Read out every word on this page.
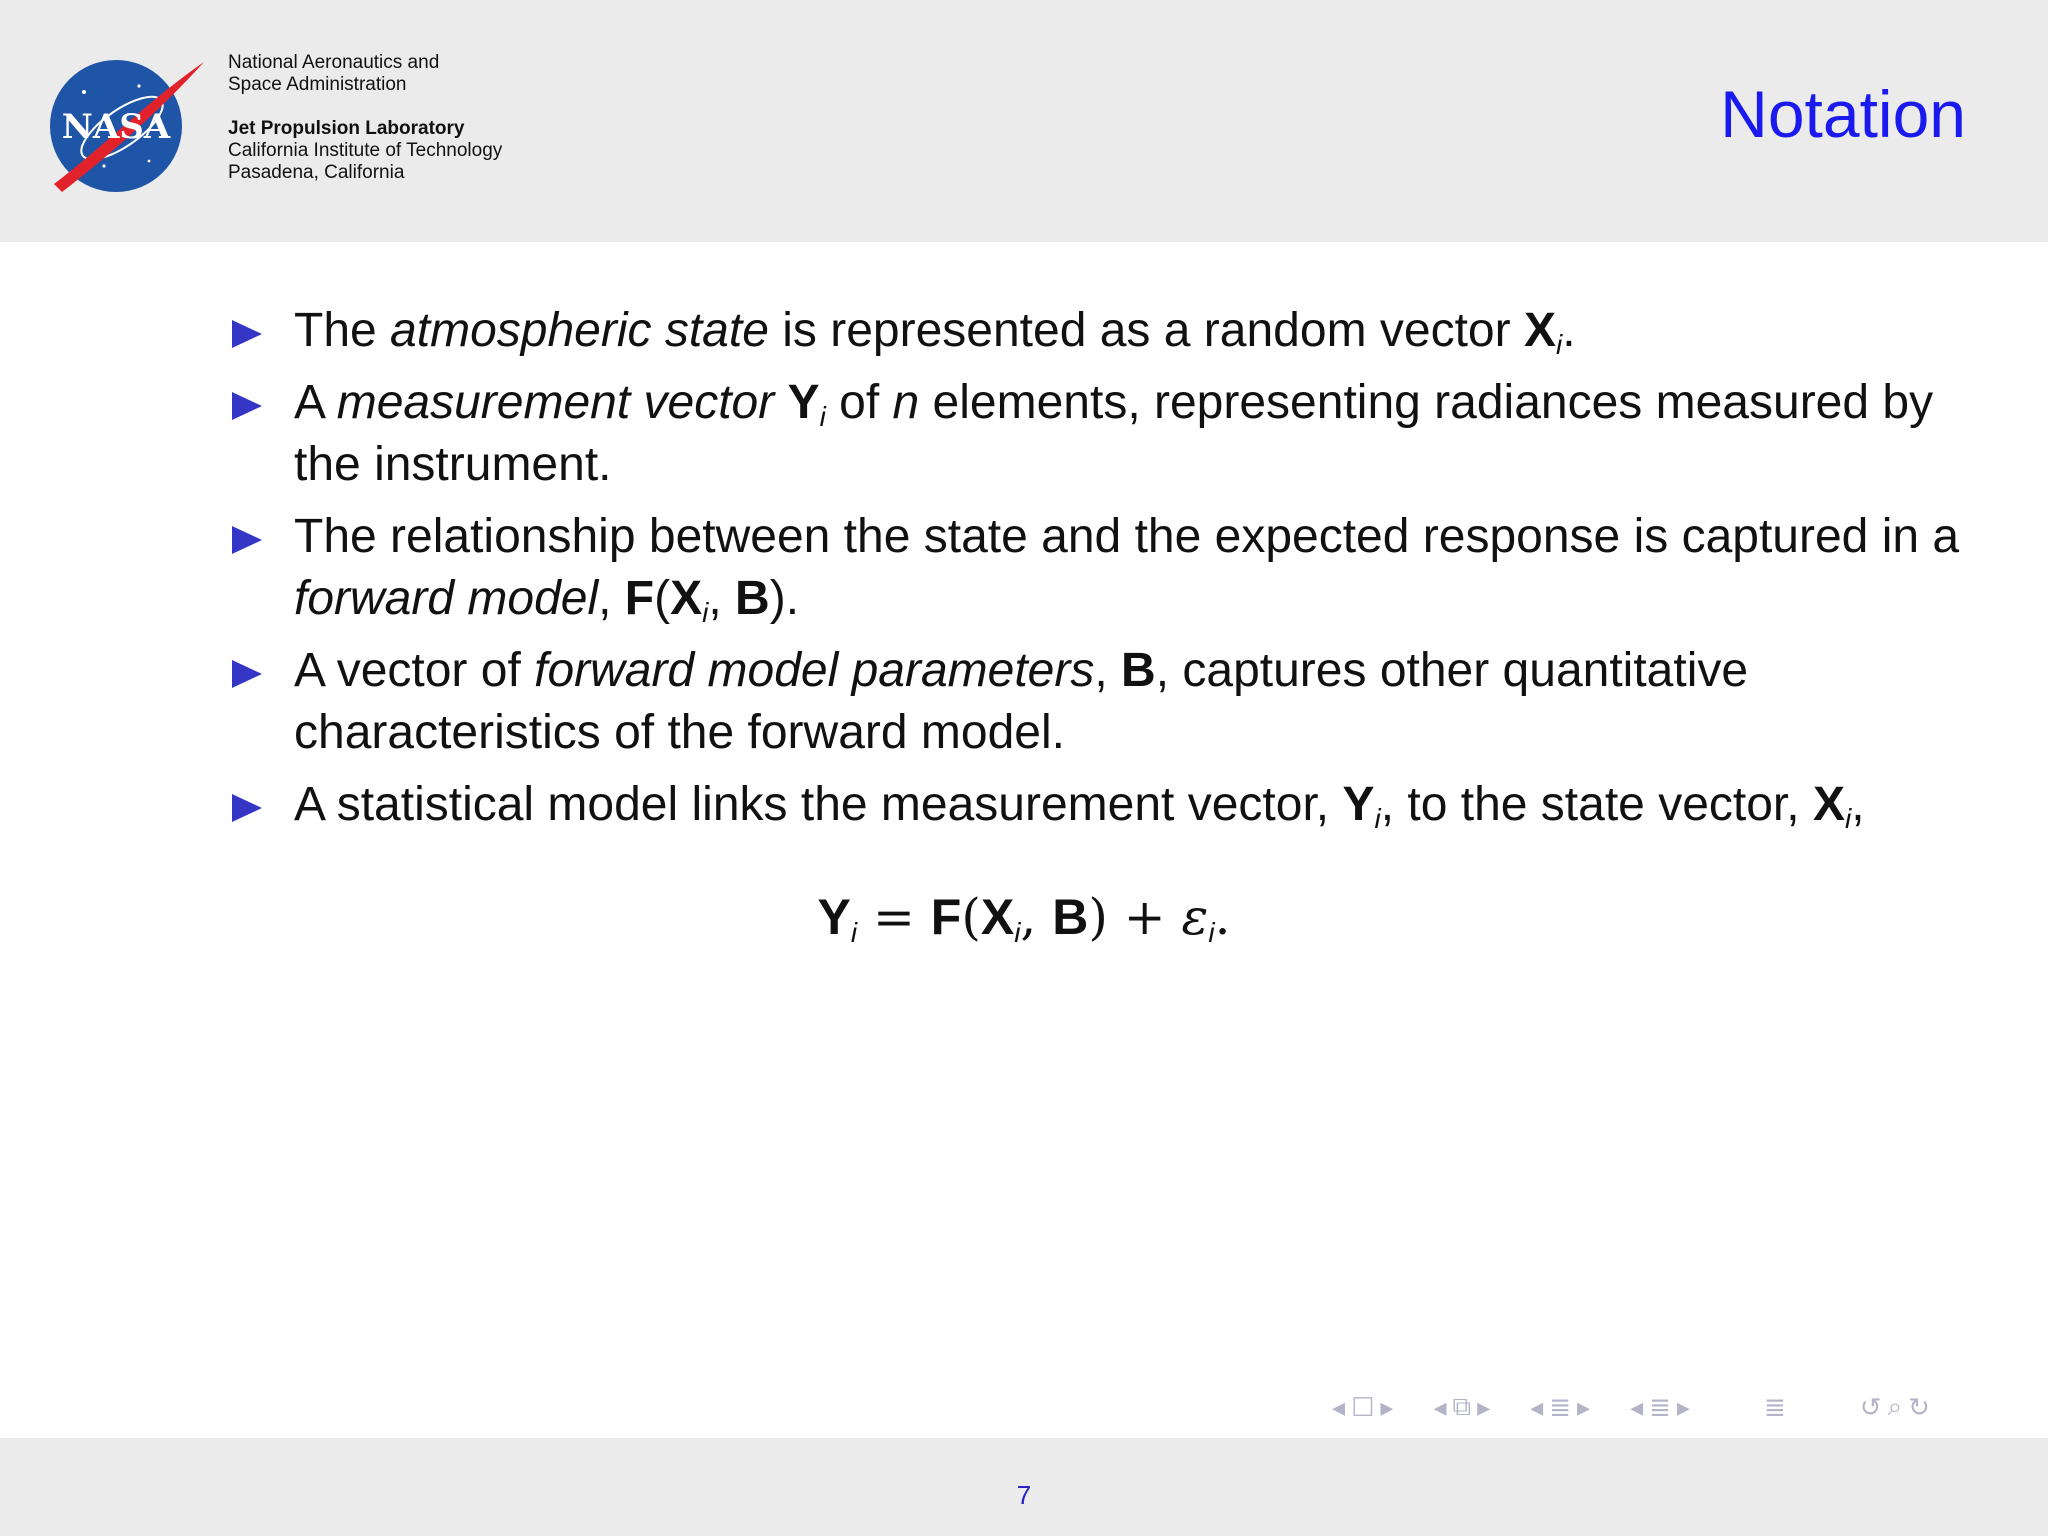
NASA
National Aeronautics and
Space Administration
Jet Propulsion Laboratory
California Institute of Technology
Pasadena, California
Notation
The atmospheric state is represented as a random vector $X_i$.
A measurement vector $Y_i$ of n elements, representing radiances measured by the instrument.
The relationship between the state and the expected response is captured in a forward model, $F(X_i$, B).
A vector of forward model parameters, B, captures other quantitative characteristics of the forward model.
A statistical model links the measurement vector, $Y_i$, to the state vector, $X_i$,
$Y_i = F(X_i$, $B) + \varepsilon_i$.
◂ ☐ ▸ ◂ ⧉ ▸ ◂ ≣ ▸ ◂ ≣ ▸	≣	↺ ⌕ ↻
7
